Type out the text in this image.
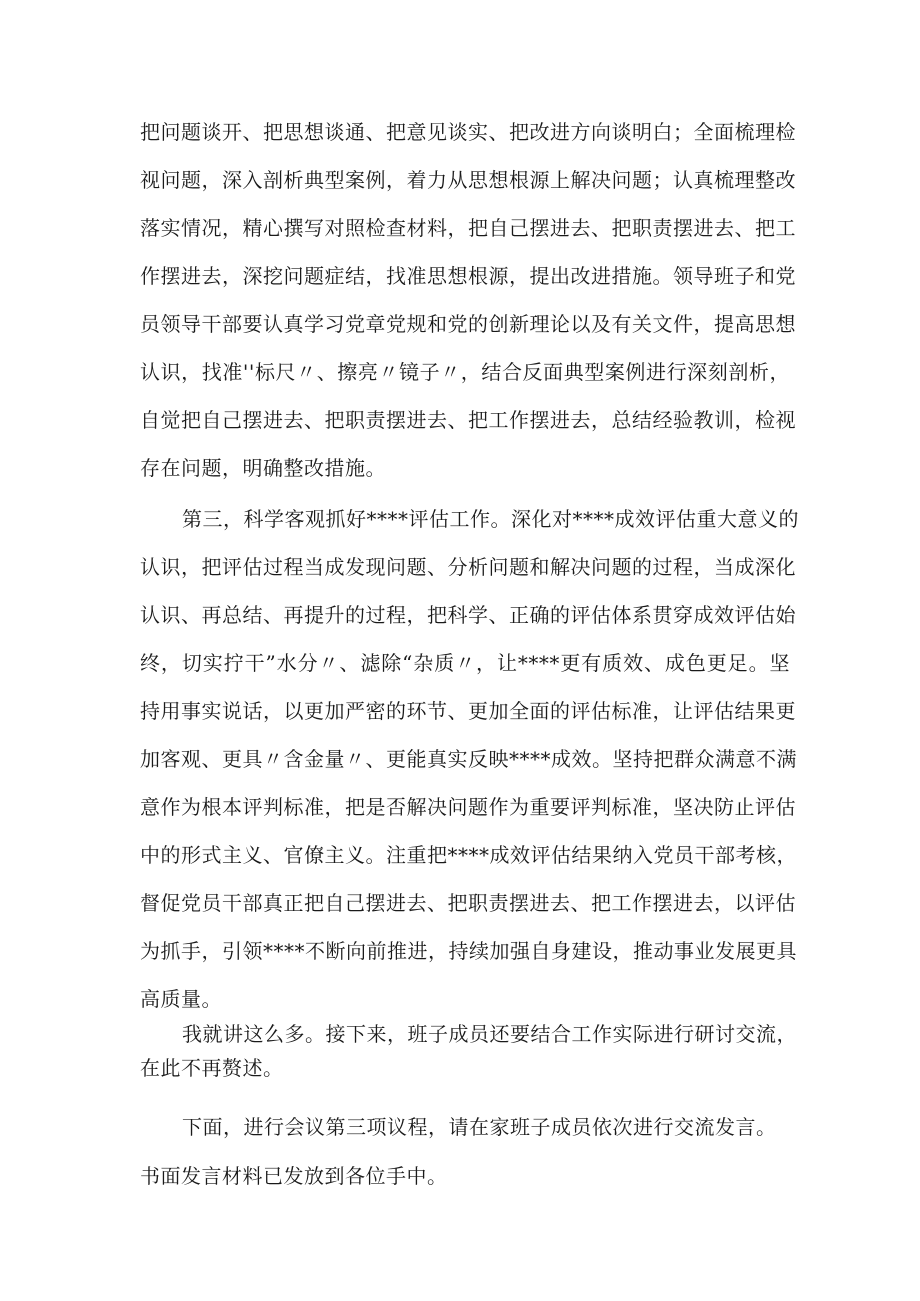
把问题谈开、把思想谈通、把意见谈实、把改进方向谈明白；全面梳理检
视问题，深入剖析典型案例，着力从思想根源上解决问题；认真梳理整改
落实情况，精心撰写对照检查材料，把自己摆进去、把职责摆进去、把工
作摆进去，深挖问题症结，找准思想根源，提出改进措施。领导班子和党
员领导干部要认真学习党章党规和党的创新理论以及有关文件，提高思想
认识，找准''标尺〃、擦亮〃镜子〃，结合反面典型案例进行深刻剖析，
自觉把自己摆进去、把职责摆进去、把工作摆进去，总结经验教训，检视
存在问题，明确整改措施。
第三，科学客观抓好****评估工作。深化对****成效评估重大意义的
认识，把评估过程当成发现问题、分析问题和解决问题的过程，当成深化
认识、再总结、再提升的过程，把科学、正确的评估体系贯穿成效评估始
终，切实拧干”水分〃、滤除“杂质〃，让****更有质效、成色更足。坚
持用事实说话，以更加严密的环节、更加全面的评估标准，让评估结果更
加客观、更具〃含金量〃、更能真实反映****成效。坚持把群众满意不满
意作为根本评判标准，把是否解决问题作为重要评判标准，坚决防止评估
中的形式主义、官僚主义。注重把****成效评估结果纳入党员干部考核，
督促党员干部真正把自己摆进去、把职责摆进去、把工作摆进去，以评估
为抓手，引领****不断向前推进，持续加强自身建设，推动事业发展更具
高质量。
我就讲这么多。接下来，班子成员还要结合工作实际进行研讨交流，
在此不再赘述。
下面，进行会议第三项议程，请在家班子成员依次进行交流发言。
书面发言材料已发放到各位手中。
